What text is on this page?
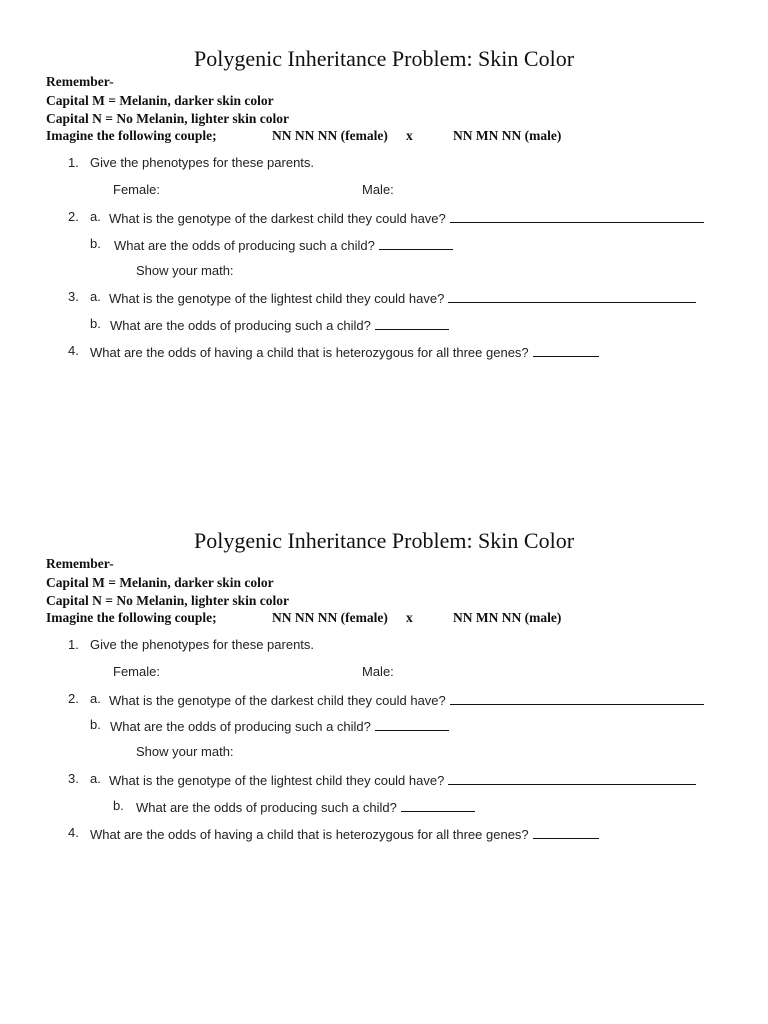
Polygenic Inheritance Problem: Skin Color
Remember-
Capital M = Melanin, darker skin color
Capital N = No Melanin, lighter skin color
Imagine the following couple;	NN NN NN (female) x	NN MN NN (male)
1. Give the phenotypes for these parents.
Female:	Male:
2. a. What is the genotype of the darkest child they could have?
b. What are the odds of producing such a child?
Show your math:
3. a. What is the genotype of the lightest child they could have?
b. What are the odds of producing such a child?
4. What are the odds of having a child that is heterozygous for all three genes?
Polygenic Inheritance Problem: Skin Color
Remember-
Capital M = Melanin, darker skin color
Capital N = No Melanin, lighter skin color
Imagine the following couple;	NN NN NN (female) x	NN MN NN (male)
1. Give the phenotypes for these parents.
Female:	Male:
2. a. What is the genotype of the darkest child they could have?
b. What are the odds of producing such a child?
Show your math:
3. a. What is the genotype of the lightest child they could have?
b. What are the odds of producing such a child?
4. What are the odds of having a child that is heterozygous for all three genes?
